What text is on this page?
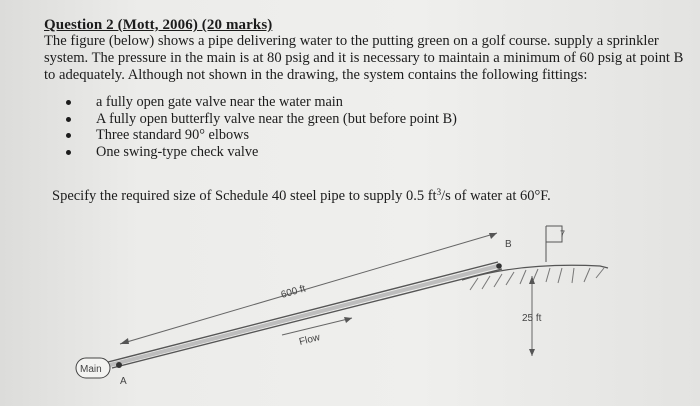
Question 2 (Mott, 2006) (20 marks)
The figure (below) shows a pipe delivering water to the putting green on a golf course. supply a sprinkler system. The pressure in the main is at 80 psig and it is necessary to maintain a minimum of 60 psig at point B to adequately. Although not shown in the drawing, the system contains the following fittings:
a fully open gate valve near the water main
A fully open butterfly valve near the green (but before point B)
Three standard 90° elbows
One swing-type check valve
Specify the required size of Schedule 40 steel pipe to supply 0.5 $ft^3/s$ of water at 60°F.
600 ft
Flow
Main
A
B
7
25 ft
